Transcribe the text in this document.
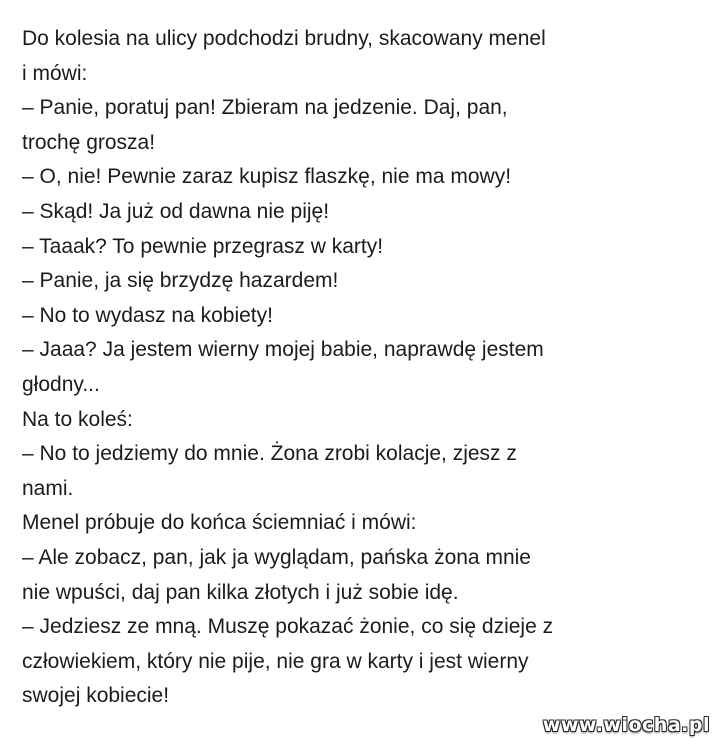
Do kolesia na ulicy podchodzi brudny, skacowany menel
i mówi:
– Panie, poratuj pan! Zbieram na jedzenie. Daj, pan,
trochę grosza!
– O, nie! Pewnie zaraz kupisz flaszkę, nie ma mowy!
– Skąd! Ja już od dawna nie piję!
– Taaak? To pewnie przegrasz w karty!
– Panie, ja się brzydzę hazardem!
– No to wydasz na kobiety!
– Jaaa? Ja jestem wierny mojej babie, naprawdę jestem
głodny...
Na to koleś:
– No to jedziemy do mnie. Żona zrobi kolacje, zjesz z
nami.
Menel próbuje do końca ściemniać i mówi:
– Ale zobacz, pan, jak ja wyglądam, pańska żona mnie
nie wpuści, daj pan kilka złotych i już sobie idę.
– Jedziesz ze mną. Muszę pokazać żonie, co się dzieje z
człowiekiem, który nie pije, nie gra w karty i jest wierny
swojej kobiecie!

www.wiocha.pl
